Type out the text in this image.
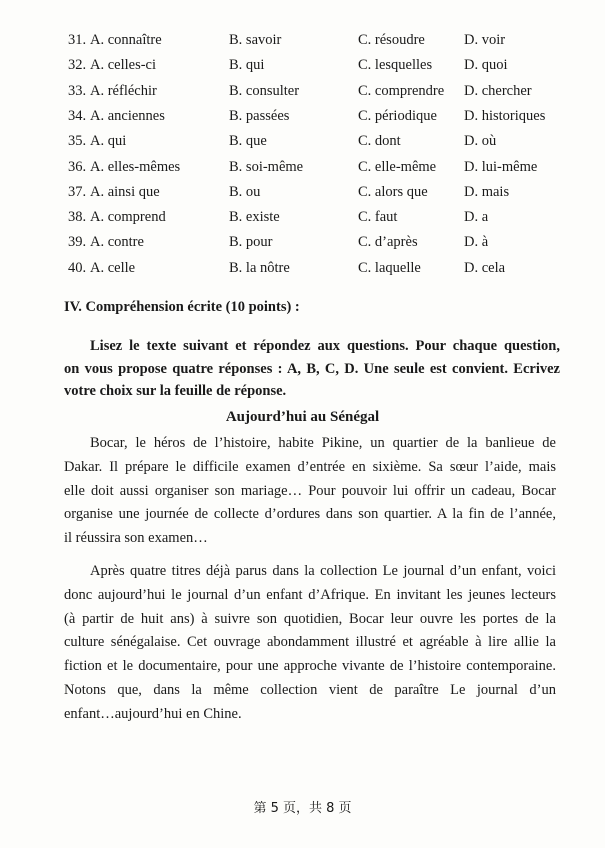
31. A. connaître	B. savoir	C. résoudre	D. voir
32. A. celles-ci	B. qui	C. lesquelles D. quoi
33. A. réfléchir	B. consulter	C. comprendre D. chercher
34. A. anciennes	B. passées	C. périodique D. historiques
35. A. qui	B. que	C. dont	D. où
36. A. elles-mêmes	B. soi-même	C. elle-même D. lui-même
37. A. ainsi que	B. ou	C. alors que	D. mais
38. A. comprend	B. existe	C. faut	D. a
39. A. contre	B. pour	C. d’après	D. à
40. A. celle	B. la nôtre	C. laquelle	D. cela
IV. Compréhension écrite (10 points) :
Lisez le texte suivant et répondez aux questions. Pour chaque question,
on vous propose quatre réponses : A, B, C, D. Une seule est convient. Ecrivez
votre choix sur la feuille de réponse.
Aujourd’hui au Sénégal
Bocar, le héros de l’histoire, habite Pikine, un quartier de la banlieue de
Dakar. Il prépare le difficile examen d’entrée en sixième. Sa sœur l’aide, mais
elle doit aussi organiser son mariage… Pour pouvoir lui offrir un cadeau, Bocar
organise une journée de collecte d’ordures dans son quartier. A la fin de l’année,
il réussira son examen…
Après quatre titres déjà parus dans la collection Le journal d’un enfant, voici
donc aujourd’hui le journal d’un enfant d’Afrique. En invitant les jeunes lecteurs
(à partir de huit ans) à suivre son quotidien, Bocar leur ouvre les portes de la
culture sénégalaise. Cet ouvrage abondamment illustré et agréable à lire allie la
fiction et le documentaire, pour une approche vivante de l’histoire contemporaine.
Notons que, dans la même collection vient de paraître Le journal d’un
enfant…aujourd’hui en Chine.
第 5 页，共 8 页
